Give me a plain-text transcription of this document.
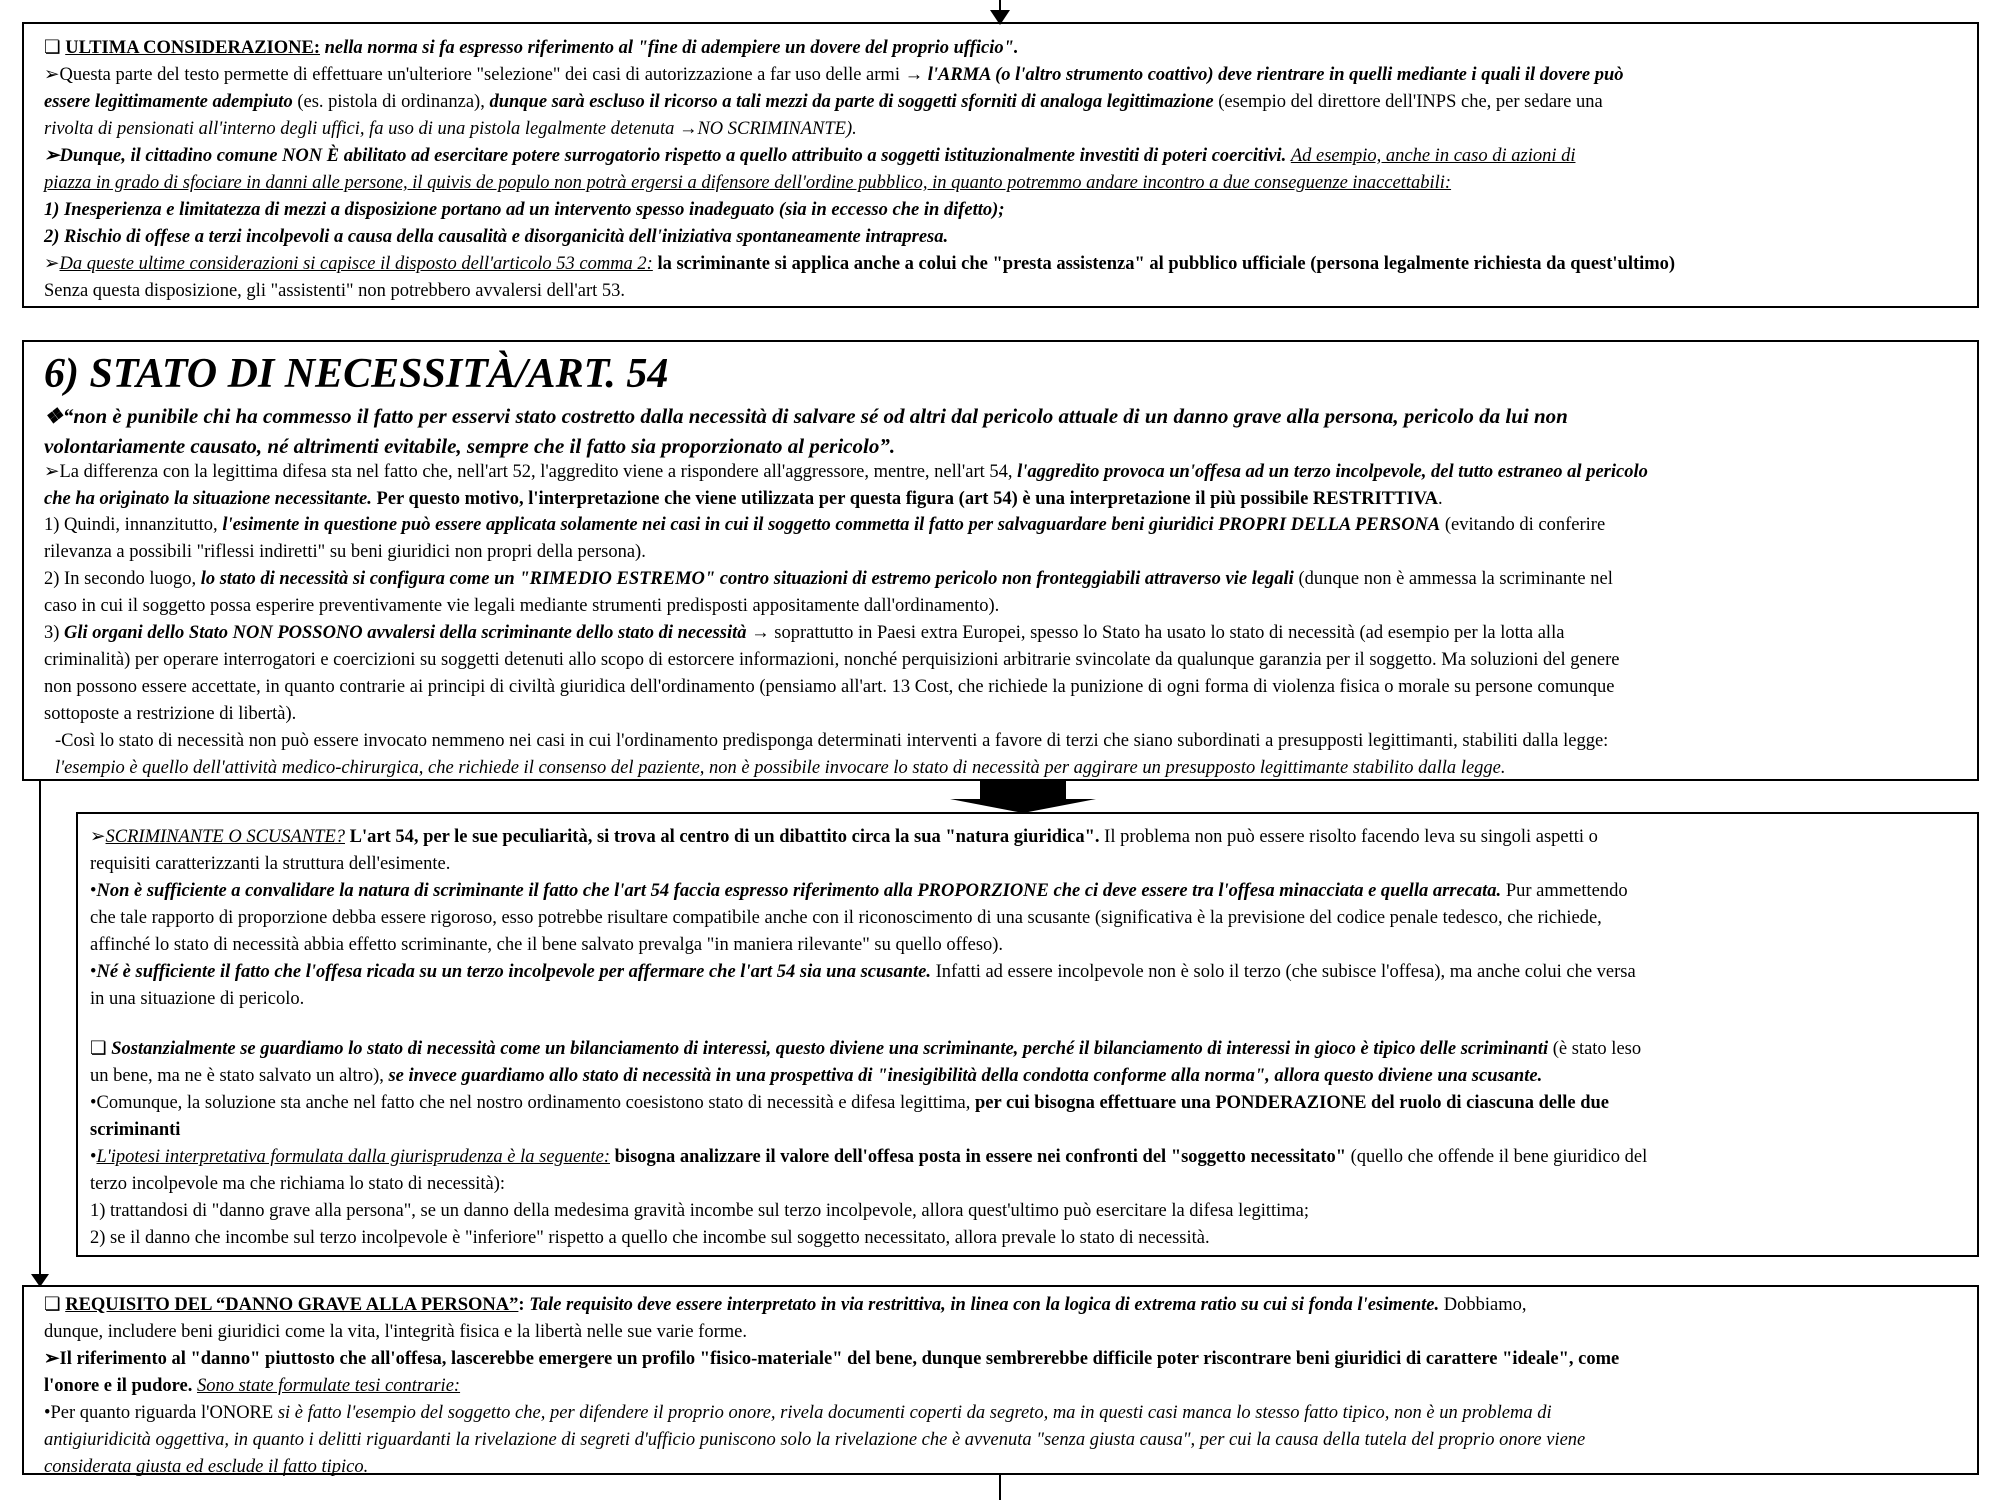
❏ ULTIMA CONSIDERAZIONE: nella norma si fa espresso riferimento al "fine di adempiere un dovere del proprio ufficio".
➢Questa parte del testo permette di effettuare un'ulteriore "selezione" dei casi di autorizzazione a far uso delle armi → l'ARMA (o l'altro strumento coattivo) deve rientrare in quelli mediante i quali il dovere può
essere legittimamente adempiuto (es. pistola di ordinanza), dunque sarà escluso il ricorso a tali mezzi da parte di soggetti sforniti di analoga legittimazione (esempio del direttore dell'INPS che, per sedare una
rivolta di pensionati all'interno degli uffici, fa uso di una pistola legalmente detenuta →NO SCRIMINANTE).
➢Dunque, il cittadino comune NON È abilitato ad esercitare potere surrogatorio rispetto a quello attribuito a soggetti istituzionalmente investiti di poteri coercitivi. Ad esempio, anche in caso di azioni di
piazza in grado di sfociare in danni alle persone, il quivis de populo non potrà ergersi a difensore dell'ordine pubblico, in quanto potremmo andare incontro a due conseguenze inaccettabili:
1) Inesperienza e limitatezza di mezzi a disposizione portano ad un intervento spesso inadeguato (sia in eccesso che in difetto);
2) Rischio di offese a terzi incolpevoli a causa della causalità e disorganicità dell'iniziativa spontaneamente intrapresa.
➢Da queste ultime considerazioni si capisce il disposto dell'articolo 53 comma 2: la scriminante si applica anche a colui che "presta assistenza" al pubblico ufficiale (persona legalmente richiesta da quest'ultimo)
Senza questa disposizione, gli "assistenti" non potrebbero avvalersi dell'art 53.
6) STATO DI NECESSITÀ/ART. 54
❖“non è punibile chi ha commesso il fatto per esservi stato costretto dalla necessità di salvare sé od altri dal pericolo attuale di un danno grave alla persona, pericolo da lui non
volontariamente causato, né altrimenti evitabile, sempre che il fatto sia proporzionato al pericolo”.
➢La differenza con la legittima difesa sta nel fatto che, nell'art 52, l'aggredito viene a rispondere all'aggressore, mentre, nell'art 54, l'aggredito provoca un'offesa ad un terzo incolpevole, del tutto estraneo al pericolo
che ha originato la situazione necessitante. Per questo motivo, l'interpretazione che viene utilizzata per questa figura (art 54) è una interpretazione il più possibile RESTRITTIVA.
1) Quindi, innanzitutto, l'esimente in questione può essere applicata solamente nei casi in cui il soggetto commetta il fatto per salvaguardare beni giuridici PROPRI DELLA PERSONA (evitando di conferire
rilevanza a possibili "riflessi indiretti" su beni giuridici non propri della persona).
2) In secondo luogo, lo stato di necessità si configura come un "RIMEDIO ESTREMO" contro situazioni di estremo pericolo non fronteggiabili attraverso vie legali (dunque non è ammessa la scriminante nel
caso in cui il soggetto possa esperire preventivamente vie legali mediante strumenti predisposti appositamente dall'ordinamento).
3) Gli organi dello Stato NON POSSONO avvalersi della scriminante dello stato di necessità → soprattutto in Paesi extra Europei, spesso lo Stato ha usato lo stato di necessità (ad esempio per la lotta alla
criminalità) per operare interrogatori e coercizioni su soggetti detenuti allo scopo di estorcere informazioni, nonché perquisizioni arbitrarie svincolate da qualunque garanzia per il soggetto. Ma soluzioni del genere
non possono essere accettate, in quanto contrarie ai principi di civiltà giuridica dell'ordinamento (pensiamo all'art. 13 Cost, che richiede la punizione di ogni forma di violenza fisica o morale su persone comunque
sottoposte a restrizione di libertà).
-Così lo stato di necessità non può essere invocato nemmeno nei casi in cui l'ordinamento predisponga determinati interventi a favore di terzi che siano subordinati a presupposti legittimanti, stabiliti dalla legge:
l'esempio è quello dell'attività medico-chirurgica, che richiede il consenso del paziente, non è possibile invocare lo stato di necessità per aggirare un presupposto legittimante stabilito dalla legge.
➢SCRIMINANTE O SCUSANTE? L'art 54, per le sue peculiarità, si trova al centro di un dibattito circa la sua "natura giuridica". Il problema non può essere risolto facendo leva su singoli aspetti o
requisiti caratterizzanti la struttura dell'esimente.
•Non è sufficiente a convalidare la natura di scriminante il fatto che l'art 54 faccia espresso riferimento alla PROPORZIONE che ci deve essere tra l'offesa minacciata e quella arrecata. Pur ammettendo
che tale rapporto di proporzione debba essere rigoroso, esso potrebbe risultare compatibile anche con il riconoscimento di una scusante (significativa è la previsione del codice penale tedesco, che richiede,
affinché lo stato di necessità abbia effetto scriminante, che il bene salvato prevalga "in maniera rilevante" su quello offeso).
•Né è sufficiente il fatto che l'offesa ricada su un terzo incolpevole per affermare che l'art 54 sia una scusante. Infatti ad essere incolpevole non è solo il terzo (che subisce l'offesa), ma anche colui che versa
in una situazione di pericolo.
❏ Sostanzialmente se guardiamo lo stato di necessità come un bilanciamento di interessi, questo diviene una scriminante, perché il bilanciamento di interessi in gioco è tipico delle scriminanti (è stato leso
un bene, ma ne è stato salvato un altro), se invece guardiamo allo stato di necessità in una prospettiva di "inesigibilità della condotta conforme alla norma", allora questo diviene una scusante.
•Comunque, la soluzione sta anche nel fatto che nel nostro ordinamento coesistono stato di necessità e difesa legittima, per cui bisogna effettuare una PONDERAZIONE del ruolo di ciascuna delle due
scriminanti
•L'ipotesi interpretativa formulata dalla giurisprudenza è la seguente: bisogna analizzare il valore dell'offesa posta in essere nei confronti del "soggetto necessitato" (quello che offende il bene giuridico del
terzo incolpevole ma che richiama lo stato di necessità):
1) trattandosi di "danno grave alla persona", se un danno della medesima gravità incombe sul terzo incolpevole, allora quest'ultimo può esercitare la difesa legittima;
2) se il danno che incombe sul terzo incolpevole è "inferiore" rispetto a quello che incombe sul soggetto necessitato, allora prevale lo stato di necessità.
❏ REQUISITO DEL “DANNO GRAVE ALLA PERSONA”: Tale requisito deve essere interpretato in via restrittiva, in linea con la logica di extrema ratio su cui si fonda l'esimente. Dobbiamo,
dunque, includere beni giuridici come la vita, l'integrità fisica e la libertà nelle sue varie forme.
➢Il riferimento al "danno" piuttosto che all'offesa, lascerebbe emergere un profilo "fisico-materiale" del bene, dunque sembrerebbe difficile poter riscontrare beni giuridici di carattere "ideale", come
l'onore e il pudore. Sono state formulate tesi contrarie:
•Per quanto riguarda l'ONORE si è fatto l'esempio del soggetto che, per difendere il proprio onore, rivela documenti coperti da segreto, ma in questi casi manca lo stesso fatto tipico, non è un problema di
antigiuridicità oggettiva, in quanto i delitti riguardanti la rivelazione di segreti d'ufficio puniscono solo la rivelazione che è avvenuta "senza giusta causa", per cui la causa della tutela del proprio onore viene
considerata giusta ed esclude il fatto tipico.
